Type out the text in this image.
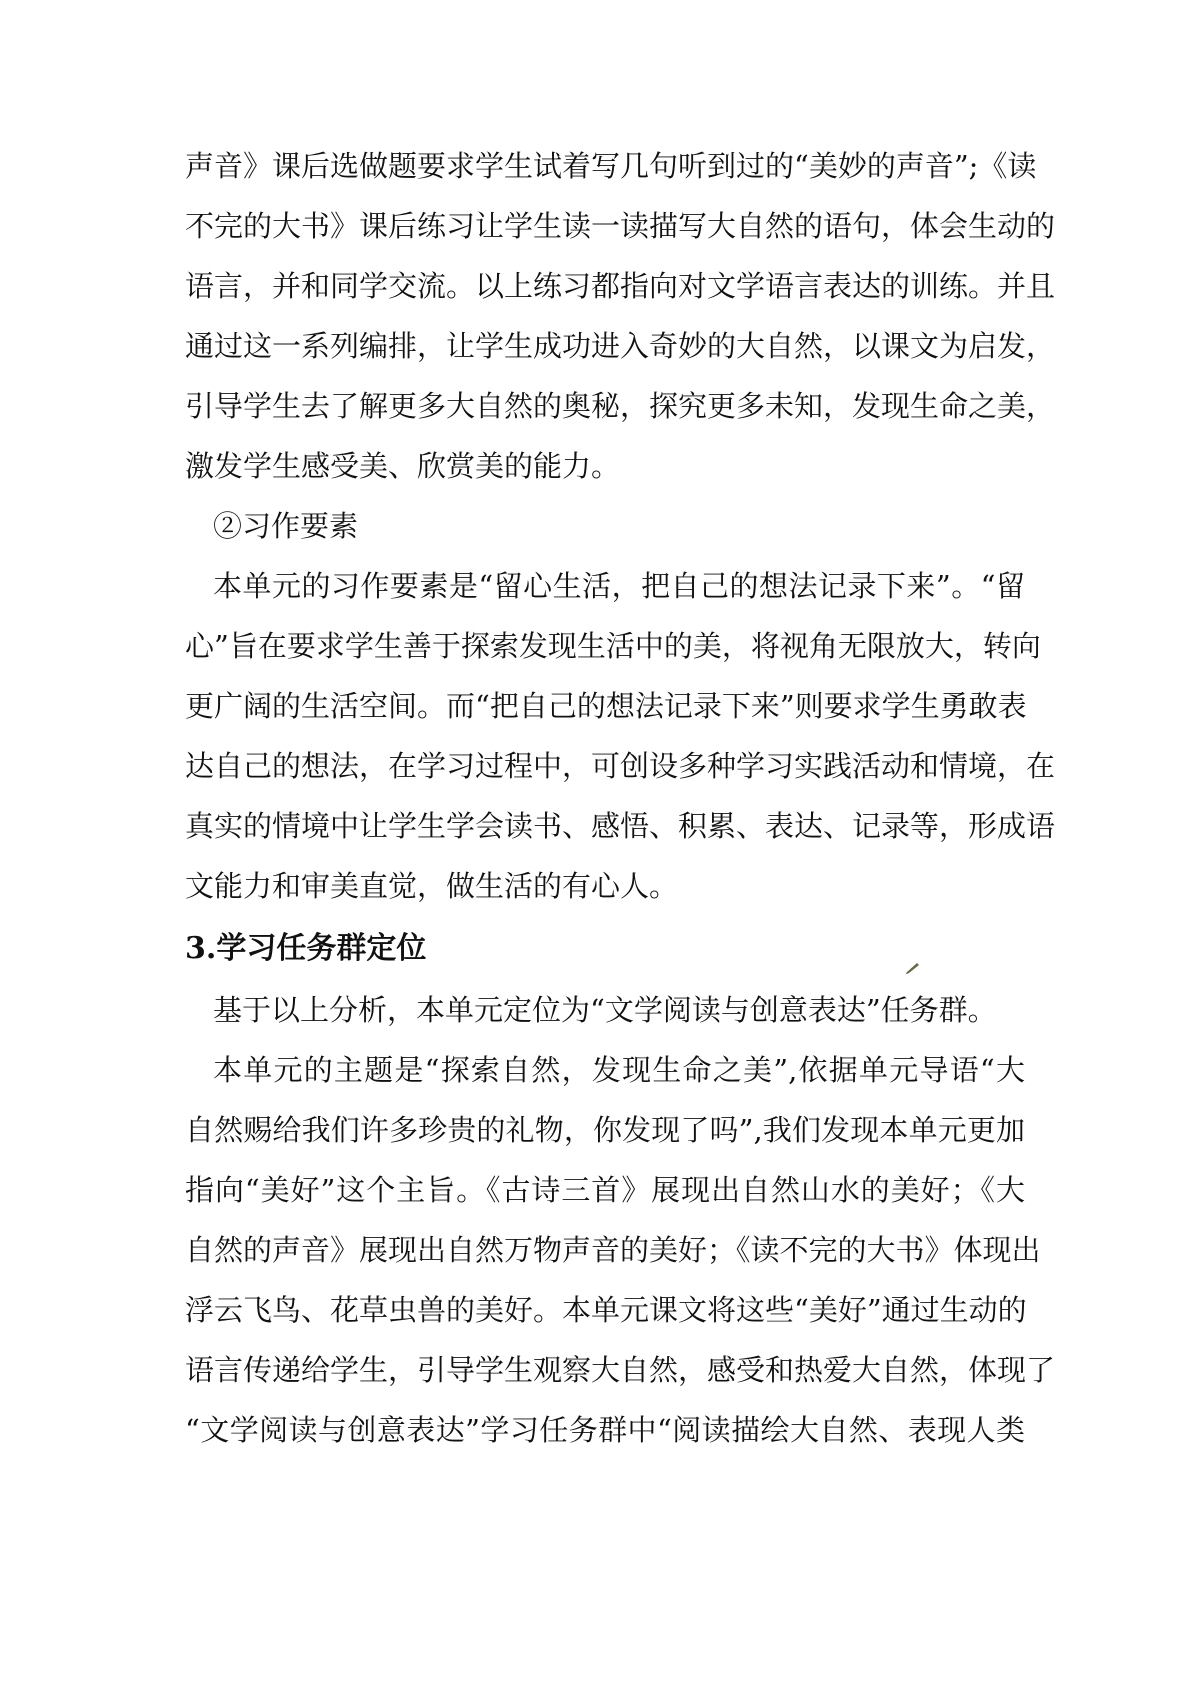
声音》课后选做题要求学生试着写几句听到过的“美妙的声音”;《读
不完的大书》课后练习让学生读一读描写大自然的语句，体会生动的
语言，并和同学交流。以上练习都指向对文学语言表达的训练。并且
通过这一系列编排，让学生成功进入奇妙的大自然，以课文为启发，
引导学生去了解更多大自然的奥秘，探究更多未知，发现生命之美，
激发学生感受美、欣赏美的能力。
②习作要素
本单元的习作要素是“留心生活，把自己的想法记录下来”。“留
心”旨在要求学生善于探索发现生活中的美，将视角无限放大，转向
更广阔的生活空间。而“把自己的想法记录下来”则要求学生勇敢表
达自己的想法，在学习过程中，可创设多种学习实践活动和情境，在
真实的情境中让学生学会读书、感悟、积累、表达、记录等，形成语
文能力和审美直觉，做生活的有心人。
3.学习任务群定位
基于以上分析，本单元定位为“文学阅读与创意表达”任务群。
本单元的主题是“探索自然，发现生命之美”,依据单元导语“大
自然赐给我们许多珍贵的礼物，你发现了吗”,我们发现本单元更加
指向“美好”这个主旨。《古诗三首》展现出自然山水的美好；《大
自然的声音》展现出自然万物声音的美好；《读不完的大书》体现出
浮云飞鸟、花草虫兽的美好。本单元课文将这些“美好”通过生动的
语言传递给学生，引导学生观察大自然，感受和热爱大自然，体现了
“文学阅读与创意表达”学习任务群中“阅读描绘大自然、表现人类
